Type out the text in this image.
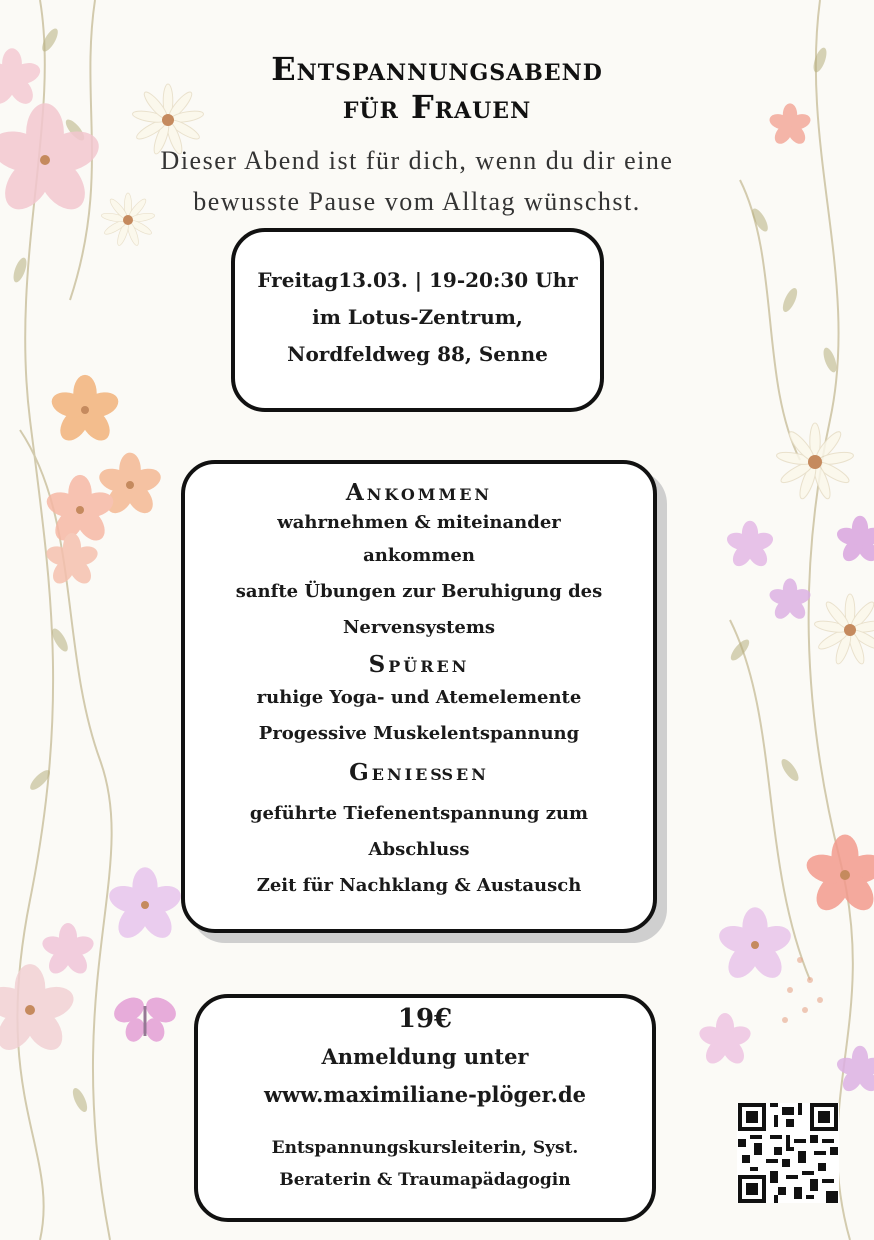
Entspannungsabend
für Frauen
Dieser Abend ist für dich, wenn du dir eine
bewusste Pause vom Alltag wünschst.
Freitag13.03. | 19-20:30 Uhr
im Lotus-Zentrum,
Nordfeldweg 88, Senne
Ankommen
wahrnehmen & miteinander
ankommen
sanfte Übungen zur Beruhigung des
Nervensystems
Spüren
ruhige Yoga- und Atemelemente
Progessive Muskelentspannung
Genießen
geführte Tiefenentspannung zum
Abschluss
Zeit für Nachklang & Austausch
19€
Anmeldung unter
www.maximiliane-plöger.de
Entspannungskursleiterin, Syst.
Beraterin & Traumapädagogin
